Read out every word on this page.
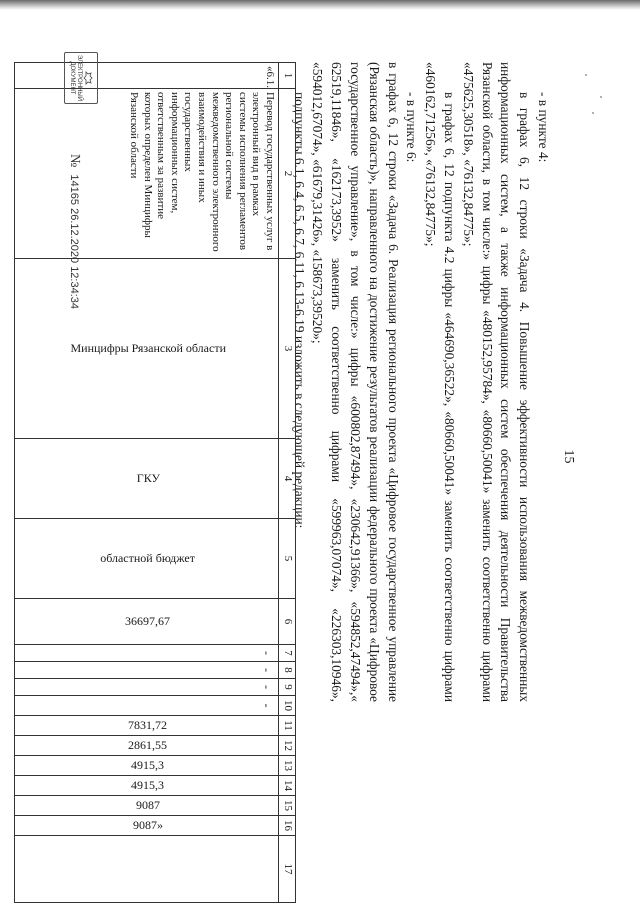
15

- в пункте 4:

в графах 6, 12 строки «Задача 4. Повышение эффективности использования межведомственных информационных систем, а также информационных систем обеспечения деятельности Правительства Рязанской области, в том числе:» цифры «480152,95784», «80660,50041» заменить соответственно цифрами «475625,30518», «76132,84775»;

в графах 6, 12 подпункта 4.2 цифры «464690,36522», «80660,50041» заменить соответственно цифрами «460162,71256», «76132,84775»;

- в пункте 6:

в графах 6, 12 строки «Задача 6. Реализация регионального проекта «Цифровое государственное управление (Рязанская область)», направленного на достижение результатов реализации федерального проекта «Цифровое государственное управление», в том числе:» цифры «600802,87494», «230642,91366», «594852,47494»,« 62519,11846», «162173,3952» заменить соответственно цифрами «599963,07074», «226303,10946», «594012,67074», «61679,31426», «158673,39520»;

подпункты 6.1, 6.4, 6.5, 6.7, 6.11, 6.13-6.19 изложить в следующей редакции:

1	2	3	4	5	6	7	8	9	10	11	12	13	14	15	16	17
«6.1.	Перевод государственных услуг в электронный вид в рамках системы исполнения регламентов региональной системы межведомственного электронного взаимодействия и иных государственных информационных систем, ответственным за развитие которых определен Минцифры Рязанской области	Минцифры Рязанской области	ГКУ	областной бюджет	36697,67	-	-	-	-	7831,72	2861,55	4915,3	4915,3	9087	9087»	
ЭЛЕКТРОННЫЙ
ДОКУМЕНТ
№ 14165 26.12.2020 12:34:34
